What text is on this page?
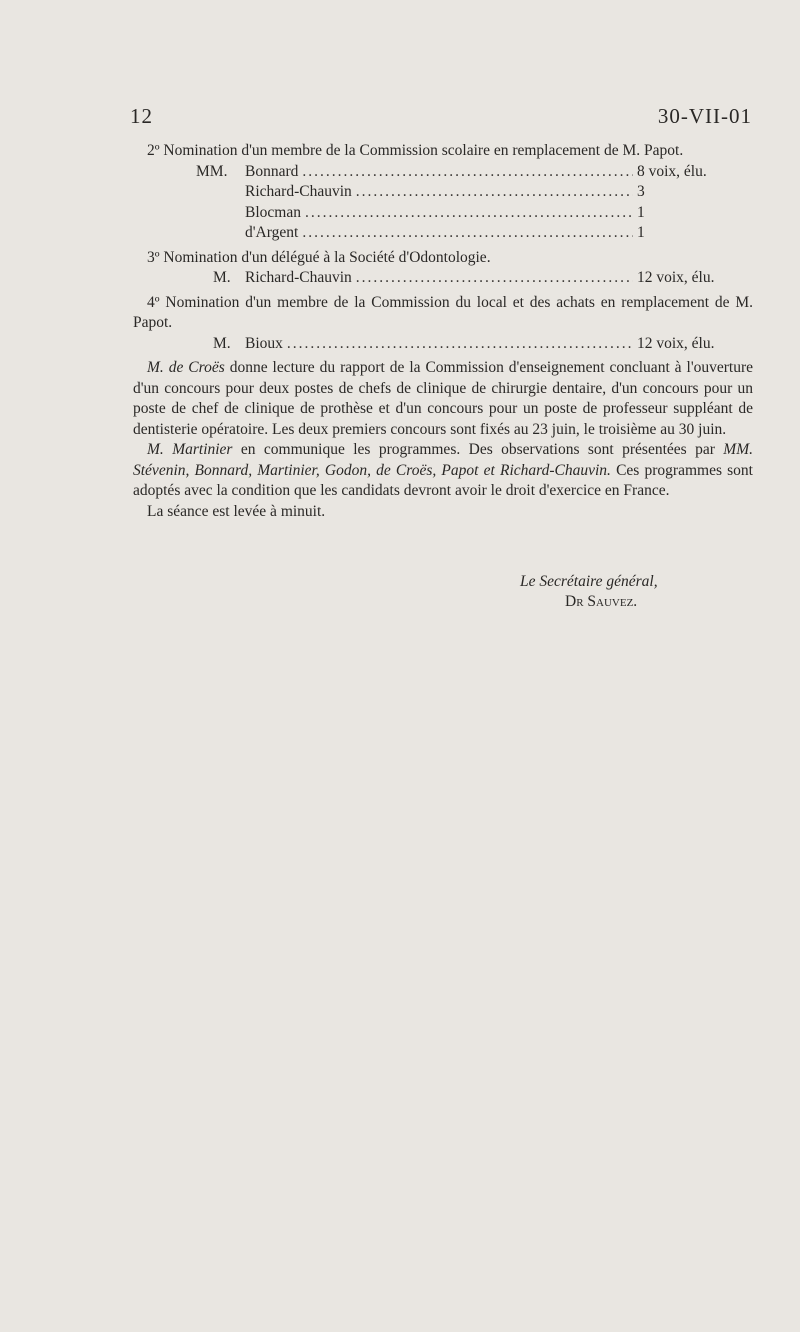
12	30-VII-01

2º Nomination d'un membre de la Commission scolaire en remplacement de M. Papot.

MM.	Bonnard .....	8 voix, élu.
Richard-Chauvin .....	3
Blocman .....	1
d'Argent .....	1

3º Nomination d'un délégué à la Société d'Odontologie.

M. Richard-Chauvin .....	12 voix, élu.

4º Nomination d'un membre de la Commission du local et des achats en remplacement de M. Papot.

M. Bioux .....	12 voix, élu.

M. de Croës donne lecture du rapport de la Commission d'enseignement concluant à l'ouverture d'un concours pour deux postes de chefs de clinique de chirurgie dentaire, d'un concours pour un poste de chef de clinique de prothèse et d'un concours pour un poste de professeur suppléant de dentisterie opératoire. Les deux premiers concours sont fixés au 23 juin, le troisième au 30 juin.

M. Martinier en communique les programmes. Des observations sont présentées par MM. Stévenin, Bonnard, Martinier, Godon, de Croës, Papot et Richard-Chauvin. Ces programmes sont adoptés avec la condition que les candidats devront avoir le droit d'exercice en France.

La séance est levée à minuit.

Le Secrétaire général,
Dr Sauvez.
